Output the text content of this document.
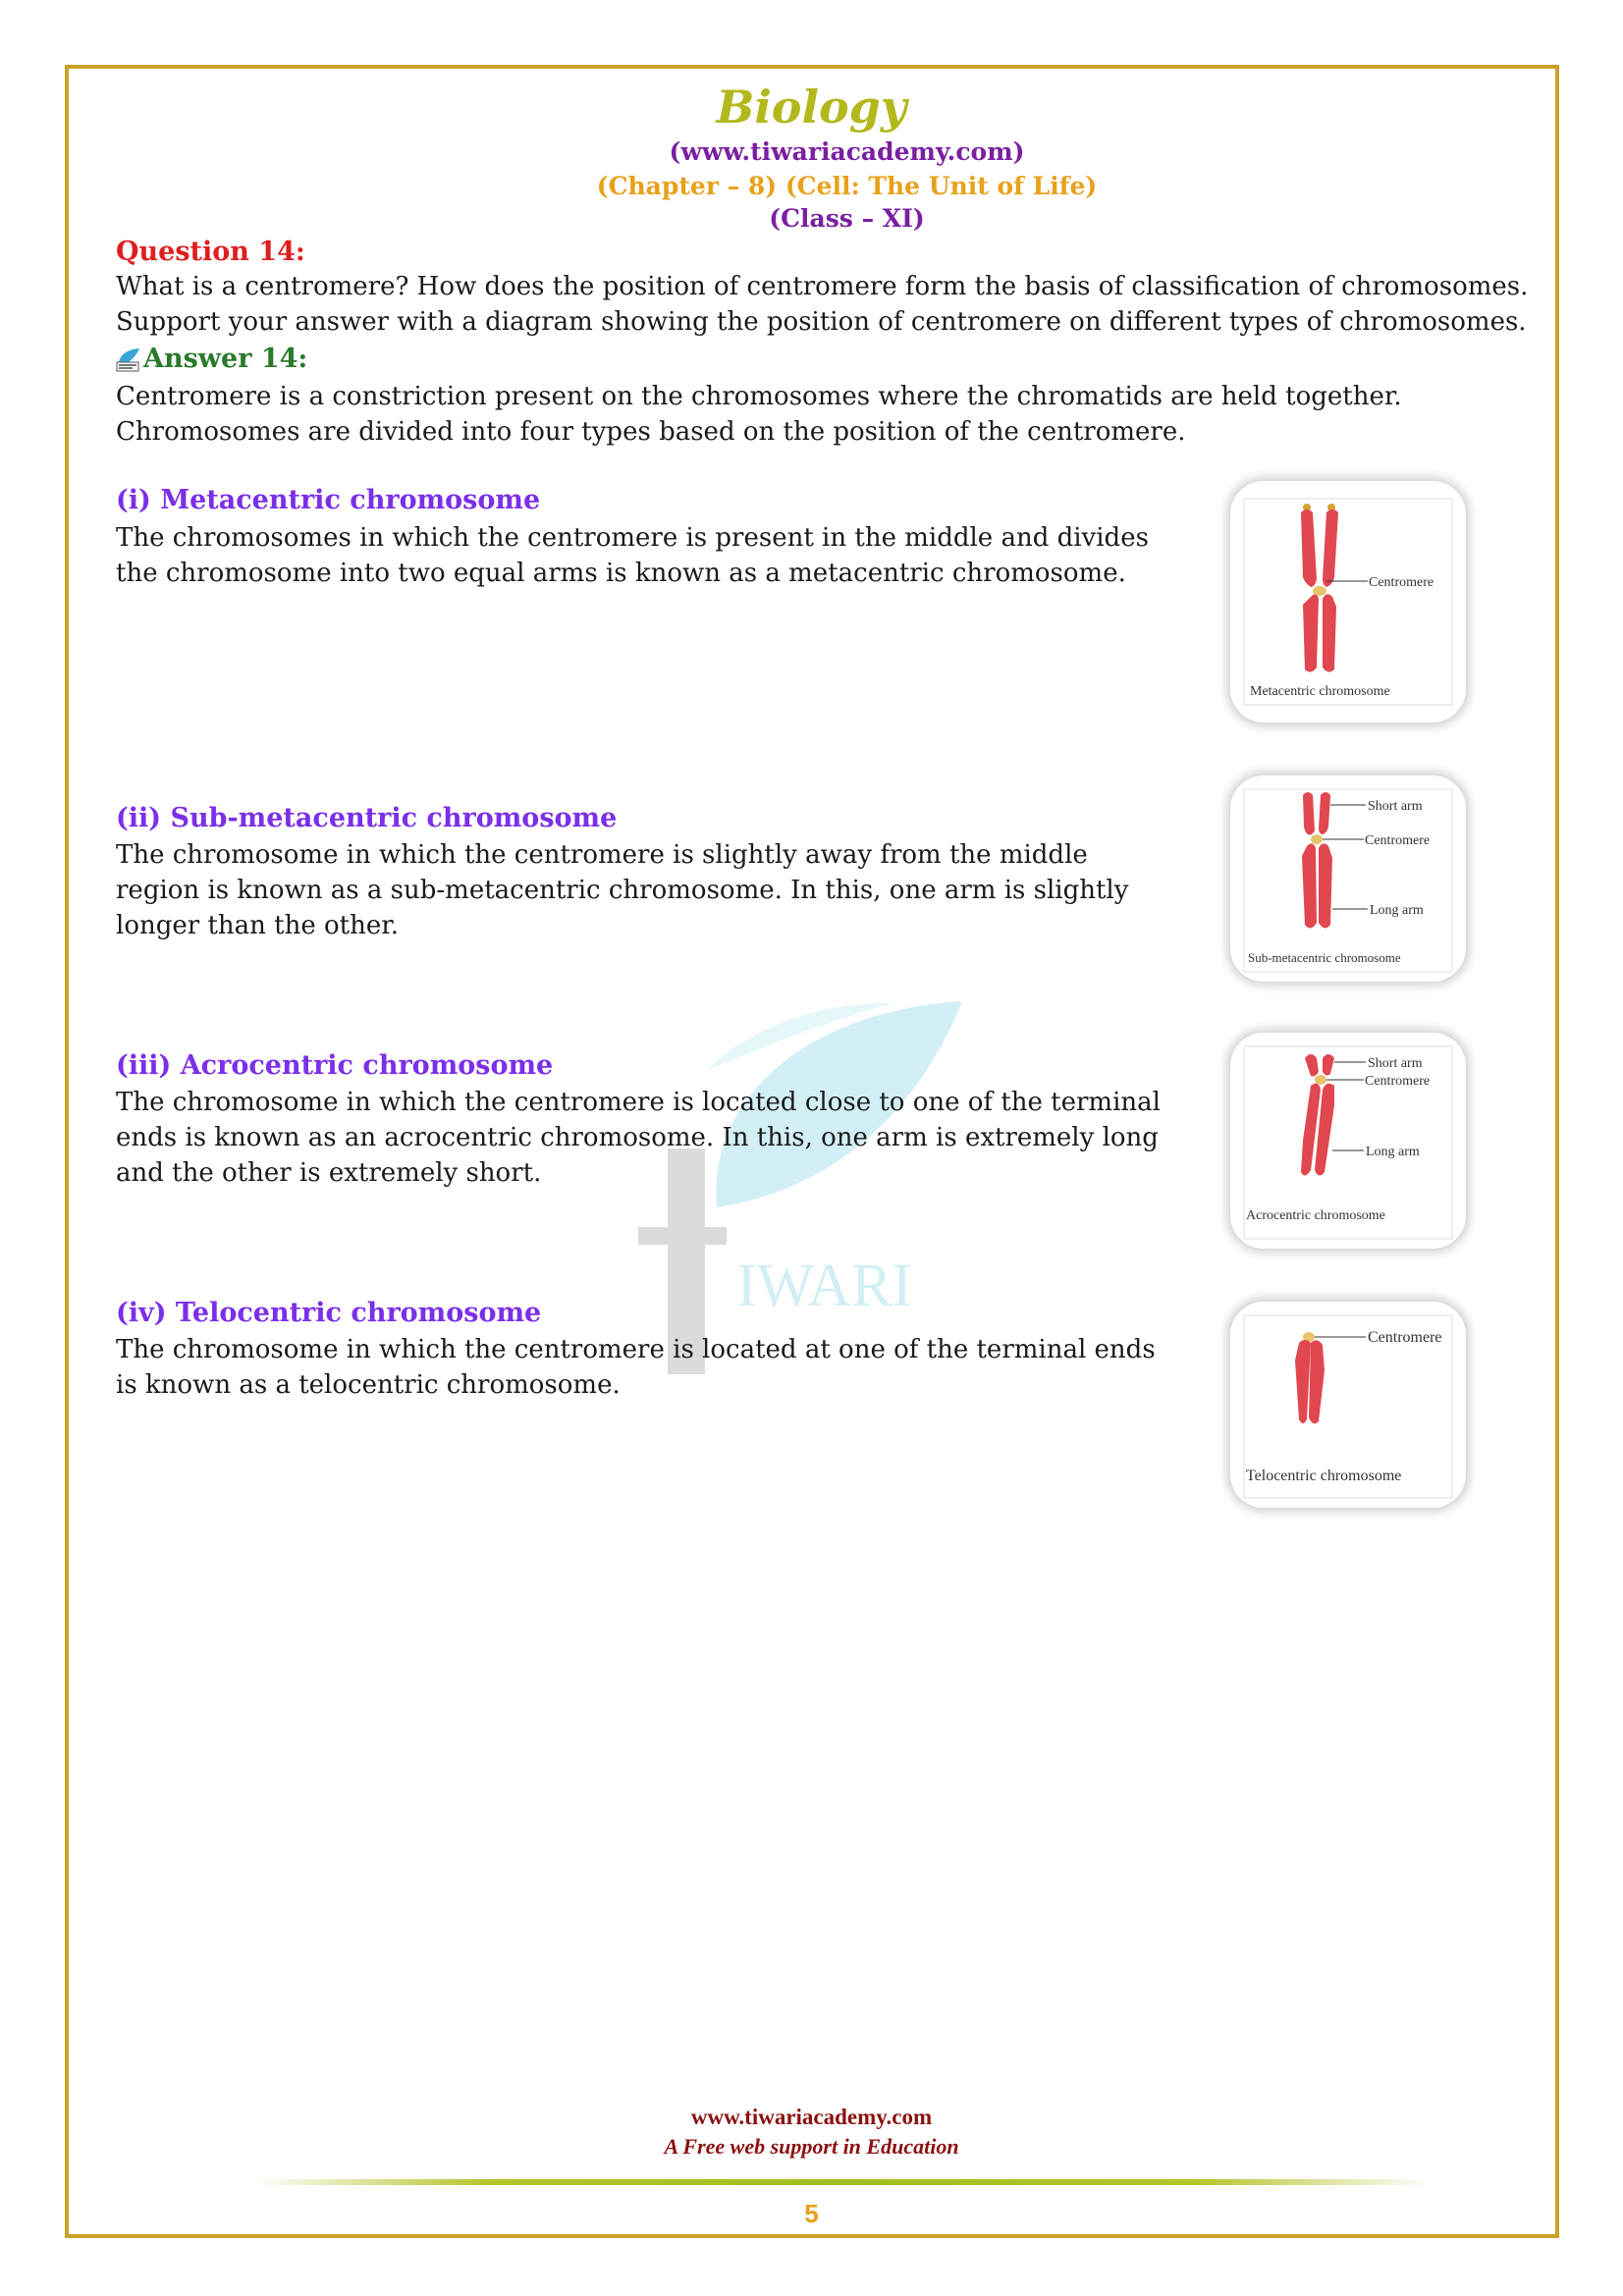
IWARI
Biology
(www.tiwariacademy.com)
(Chapter – 8) (Cell: The Unit of Life)
(Class – XI)
Question 14:
What is a centromere? How does the position of centromere form the basis of classification of chromosomes. Support your answer with a diagram showing the position of centromere on different types of chromosomes.
Answer 14:
Centromere is a constriction present on the chromosomes where the chromatids are held together. Chromosomes are divided into four types based on the position of the centromere.
(i) Metacentric chromosome
The chromosomes in which the centromere is present in the middle and divides the chromosome into two equal arms is known as a metacentric chromosome.
(ii) Sub-metacentric chromosome
The chromosome in which the centromere is slightly away from the middle region is known as a sub-metacentric chromosome. In this, one arm is slightly longer than the other.
(iii) Acrocentric chromosome
The chromosome in which the centromere is located close to one of the terminal ends is known as an acrocentric chromosome. In this, one arm is extremely long and the other is extremely short.
(iv) Telocentric chromosome
The chromosome in which the centromere is located at one of the terminal ends is known as a telocentric chromosome.
Centromere
Metacentric chromosome
Short arm
Centromere
Long arm
Sub-metacentric chromosome
Short arm
Centromere
Long arm
Acrocentric chromosome
Centromere
Telocentric chromosome
www.tiwariacademy.com
A Free web support in Education
5
